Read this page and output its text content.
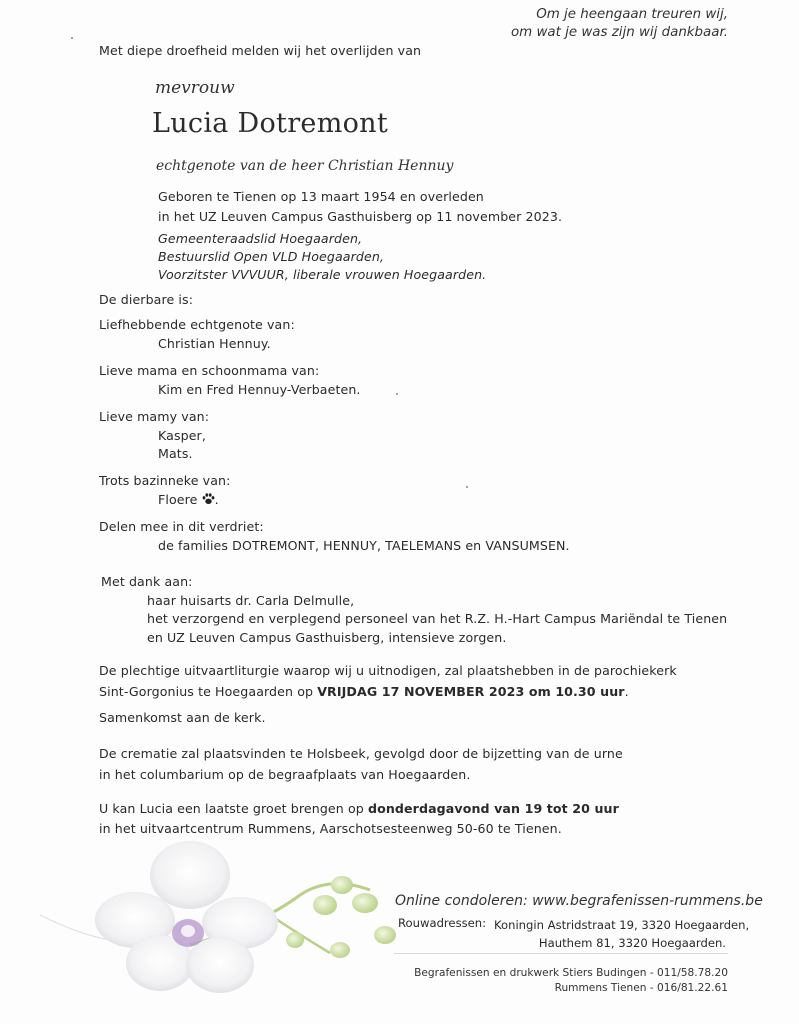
Om je heengaan treuren wij,
om wat je was zijn wij dankbaar.
Met diepe droefheid melden wij het overlijden van
mevrouw
Lucia Dotremont
echtgenote van de heer Christian Hennuy
Geboren te Tienen op 13 maart 1954 en overleden
in het UZ Leuven Campus Gasthuisberg op 11 november 2023.
Gemeenteraadslid Hoegaarden,
Bestuurslid Open VLD Hoegaarden,
Voorzitster VVVUUR, liberale vrouwen Hoegaarden.
De dierbare is:
Liefhebbende echtgenote van:
Christian Hennuy.
Lieve mama en schoonmama van:
Kim en Fred Hennuy-Verbaeten.
Lieve mamy van:
Kasper,
Mats.
Trots bazinneke van:
Floere .
Delen mee in dit verdriet:
de families DOTREMONT, HENNUY, TAELEMANS en VANSUMSEN.
Met dank aan:
haar huisarts dr. Carla Delmulle,
het verzorgend en verplegend personeel van het R.Z. H.-Hart Campus Mariëndal te Tienen
en UZ Leuven Campus Gasthuisberg, intensieve zorgen.
De plechtige uitvaartliturgie waarop wij u uitnodigen, zal plaatshebben in de parochiekerk
Sint-Gorgonius te Hoegaarden op VRIJDAG 17 NOVEMBER 2023 om 10.30 uur.
Samenkomst aan de kerk.
De crematie zal plaatsvinden te Holsbeek, gevolgd door de bijzetting van de urne
in het columbarium op de begraafplaats van Hoegaarden.
U kan Lucia een laatste groet brengen op donderdagavond van 19 tot 20 uur
in het uitvaartcentrum Rummens, Aarschotsesteenweg 50-60 te Tienen.
Online condoleren: www.begrafenissen-rummens.be
Rouwadressen: Koningin Astridstraat 19, 3320 Hoegaarden,
Hauthem 81, 3320 Hoegaarden.
Begrafenissen en drukwerk Stiers Budingen - 011/58.78.20
Rummens Tienen - 016/81.22.61
